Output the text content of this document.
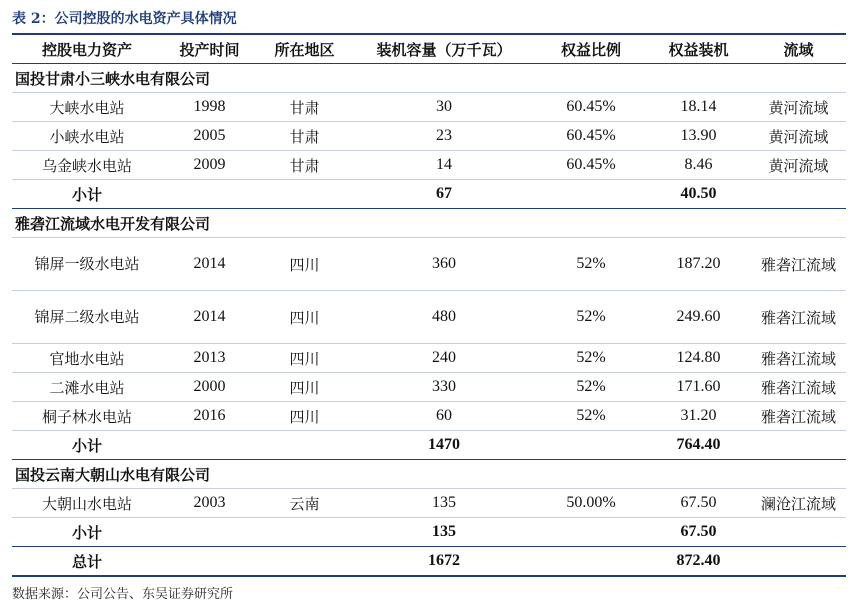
表 2：公司控股的水电资产具体情况
控股电力资产	投产时间	所在地区	装机容量（万千瓦）	权益比例	权益装机	流域
国投甘肃小三峡水电有限公司						
大峡水电站	1998	甘肃	30	60.45%	18.14	黄河流域
小峡水电站	2005	甘肃	23	60.45%	13.90	黄河流域
乌金峡水电站	2009	甘肃	14	60.45%	8.46	黄河流域
小计			67		40.50	
雅砻江流域水电开发有限公司						
锦屏一级水电站	2014	四川	360	52%	187.20	雅砻江流域
锦屏二级水电站	2014	四川	480	52%	249.60	雅砻江流域
官地水电站	2013	四川	240	52%	124.80	雅砻江流域
二滩水电站	2000	四川	330	52%	171.60	雅砻江流域
桐子林水电站	2016	四川	60	52%	31.20	雅砻江流域
小计			1470		764.40	
国投云南大朝山水电有限公司						
大朝山水电站	2003	云南	135	50.00%	67.50	澜沧江流域
小计			135		67.50	
总计			1672		872.40	
数据来源：公司公告、东吴证券研究所
